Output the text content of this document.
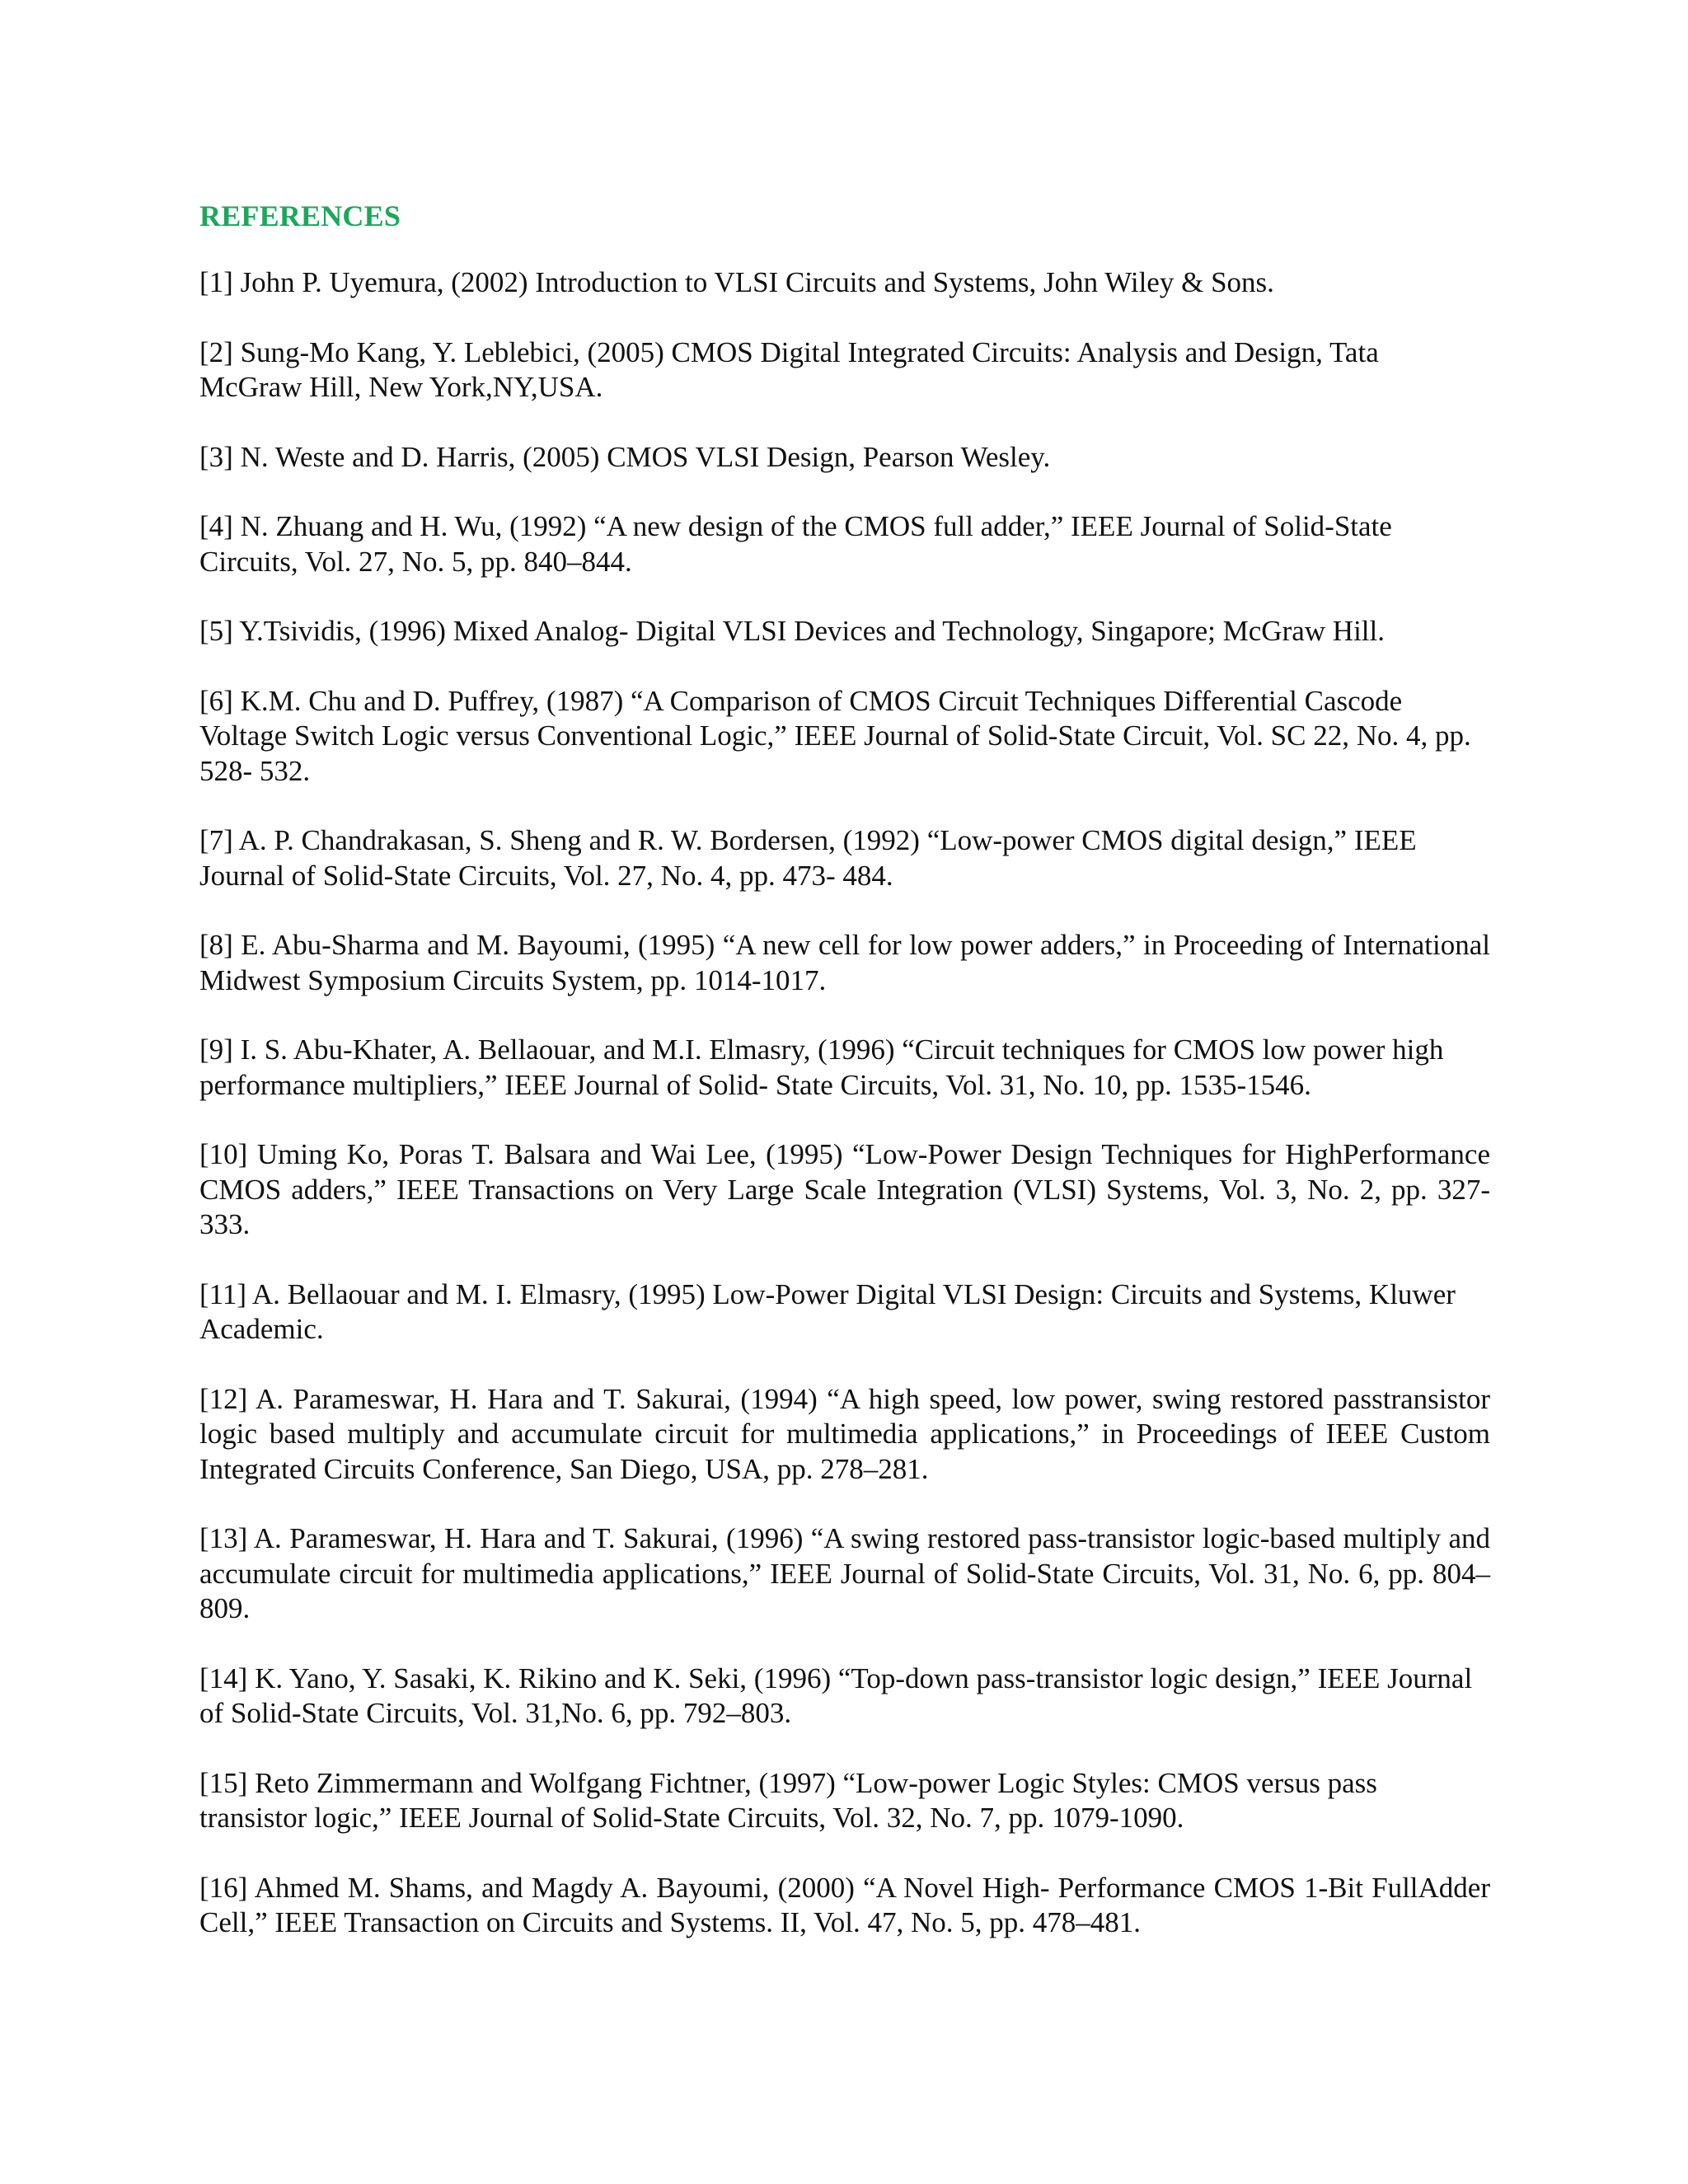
REFERENCES

[1] John P. Uyemura, (2002) Introduction to VLSI Circuits and Systems, John Wiley & Sons.

[2] Sung-Mo Kang, Y. Leblebici, (2005) CMOS Digital Integrated Circuits: Analysis and Design, Tata McGraw Hill, New York,NY,USA.

[3] N. Weste and D. Harris, (2005) CMOS VLSI Design, Pearson Wesley.

[4] N. Zhuang and H. Wu, (1992) “A new design of the CMOS full adder,” IEEE Journal of Solid-State Circuits, Vol. 27, No. 5, pp. 840–844.

[5] Y.Tsividis, (1996) Mixed Analog- Digital VLSI Devices and Technology, Singapore; McGraw Hill.

[6] K.M. Chu and D. Puffrey, (1987) “A Comparison of CMOS Circuit Techniques Differential Cascode Voltage Switch Logic versus Conventional Logic,” IEEE Journal of Solid-State Circuit, Vol. SC 22, No. 4, pp. 528- 532.

[7] A. P. Chandrakasan, S. Sheng and R. W. Bordersen, (1992) “Low-power CMOS digital design,” IEEE Journal of Solid-State Circuits, Vol. 27, No. 4, pp. 473- 484.

[8] E. Abu-Sharma and M. Bayoumi, (1995) “A new cell for low power adders,” in Proceeding of International Midwest Symposium Circuits System, pp. 1014-1017.

[9] I. S. Abu-Khater, A. Bellaouar, and M.I. Elmasry, (1996) “Circuit techniques for CMOS low power high performance multipliers,” IEEE Journal of Solid- State Circuits, Vol. 31, No. 10, pp. 1535-1546.

[10] Uming Ko, Poras T. Balsara and Wai Lee, (1995) “Low-Power Design Techniques for HighPerformance CMOS adders,” IEEE Transactions on Very Large Scale Integration (VLSI) Systems, Vol. 3, No. 2, pp. 327-333.

[11] A. Bellaouar and M. I. Elmasry, (1995) Low-Power Digital VLSI Design: Circuits and Systems, Kluwer Academic.

[12] A. Parameswar, H. Hara and T. Sakurai, (1994) “A high speed, low power, swing restored passtransistor logic based multiply and accumulate circuit for multimedia applications,” in Proceedings of IEEE Custom Integrated Circuits Conference, San Diego, USA, pp. 278–281.

[13] A. Parameswar, H. Hara and T. Sakurai, (1996) “A swing restored pass-transistor logic-based multiply and accumulate circuit for multimedia applications,” IEEE Journal of Solid-State Circuits, Vol. 31, No. 6, pp. 804–809.

[14] K. Yano, Y. Sasaki, K. Rikino and K. Seki, (1996) “Top-down pass-transistor logic design,” IEEE Journal of Solid-State Circuits, Vol. 31,No. 6, pp. 792–803.

[15] Reto Zimmermann and Wolfgang Fichtner, (1997) “Low-power Logic Styles: CMOS versus pass transistor logic,” IEEE Journal of Solid-State Circuits, Vol. 32, No. 7, pp. 1079-1090.

[16] Ahmed M. Shams, and Magdy A. Bayoumi, (2000) “A Novel High- Performance CMOS 1-Bit FullAdder Cell,” IEEE Transaction on Circuits and Systems. II, Vol. 47, No. 5, pp. 478–481.
